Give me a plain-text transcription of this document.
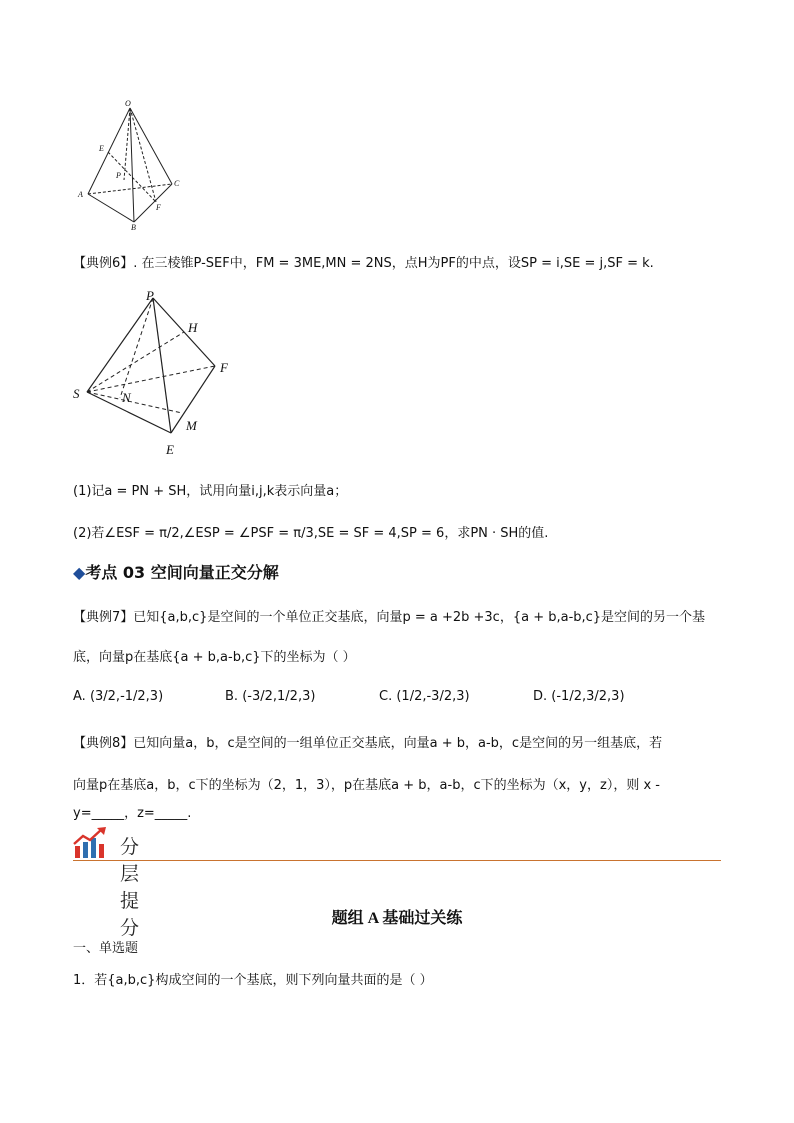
O
E
P
A
C
F
B
【典例6】. 在三棱锥P-SEF中，FM = 3ME,MN = 2NS，点H为PF的中点，设SP = i,SE = j,SF = k.
P
H
F
S	N
M
E
(1)记a = PN + SH，试用向量i,j,k表示向量a；
(2)若∠ESF = π/2,∠ESP = ∠PSF = π/3,SE = SF = 4,SP = 6，求PN · SH的值.
◆考点 03 空间向量正交分解
【典例7】已知{a,b,c}是空间的一个单位正交基底，向量p = a +2b +3c，{a + b,a-b,c}是空间的另一个基
底，向量p在基底{a + b,a-b,c}下的坐标为（ ）
A. (3/2,-1/2,3)	B. (-3/2,1/2,3)	C. (1/2,-3/2,3)	D. (-1/2,3/2,3)
【典例8】已知向量a，b，c是空间的一组单位正交基底，向量a + b，a-b，c是空间的另一组基底，若
向量p在基底a，b，c下的坐标为（2，1，3），p在基底a + b，a-b，c下的坐标为（x，y，z），则 x -
y=_____，z=_____.
分层提分	题组 A 基础过关练
一、单选题
1．若{a,b,c}构成空间的一个基底，则下列向量共面的是（ ）
